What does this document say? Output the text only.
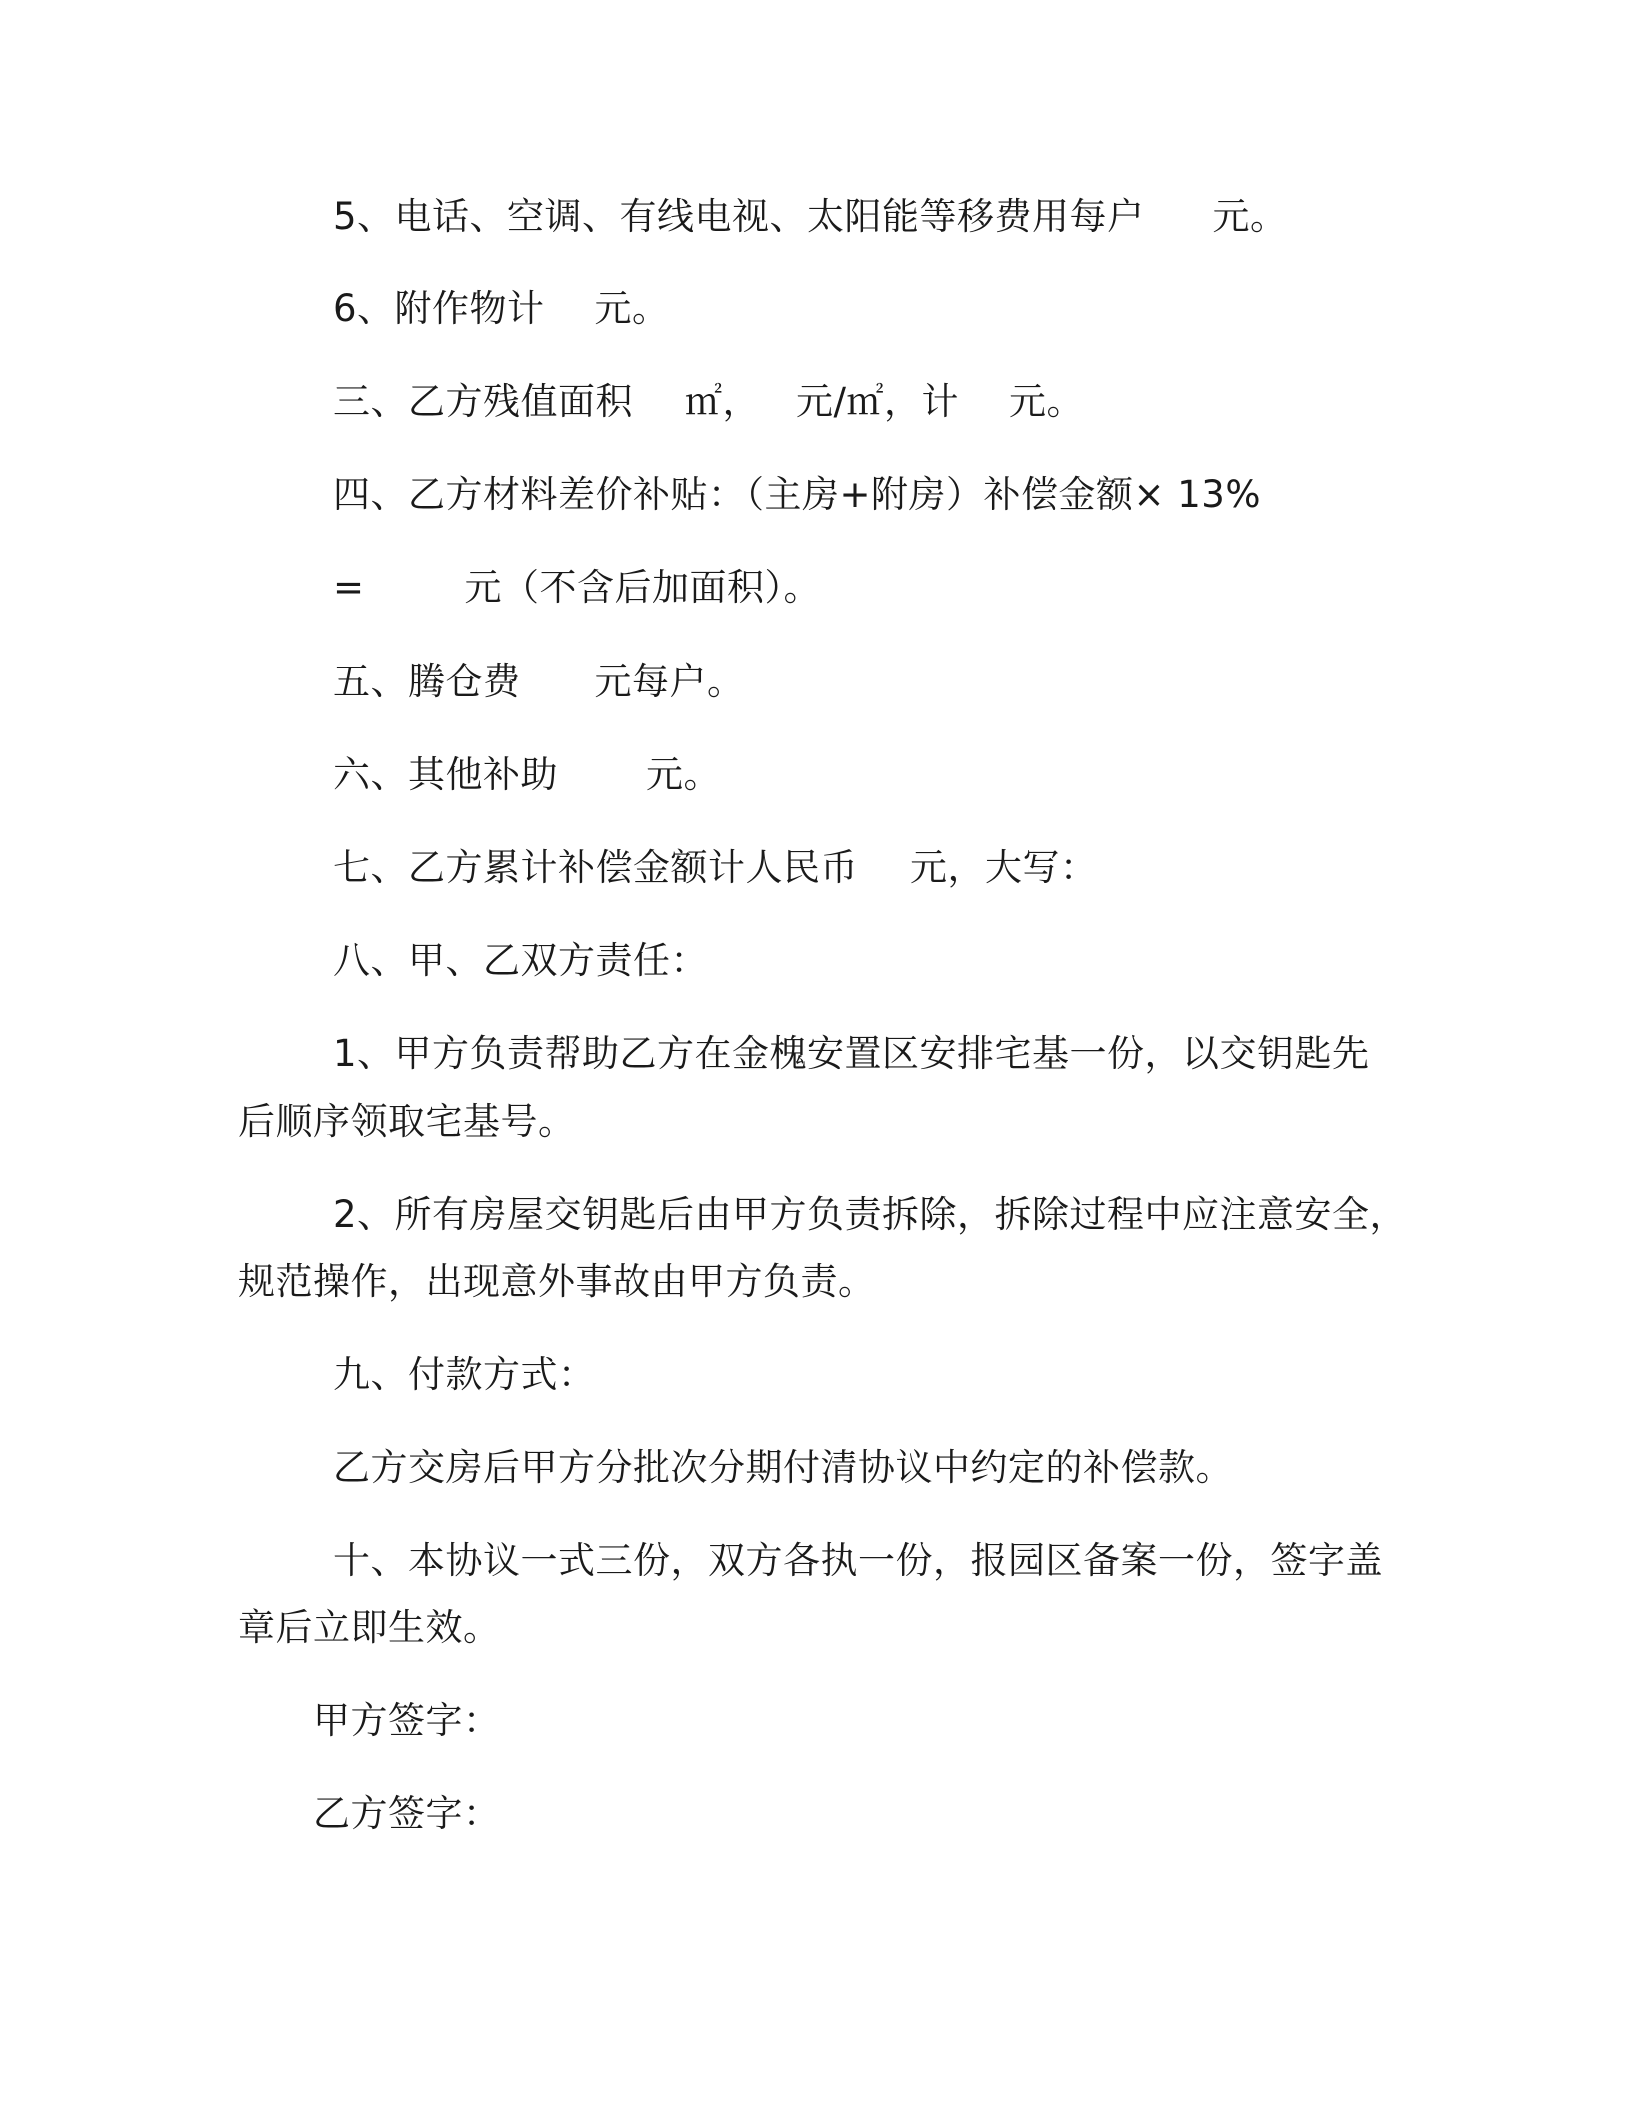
5、电话、空调、有线电视、太阳能等移费用每户 元。
6、附作物计 元。
三、乙方残值面积 ㎡， 元/㎡，计 元。
四、乙方材料差价补贴：（主房+附房）补偿金额× 13%
=	元（不含后加面积）。
五、腾仓费 元每户。
六、其他补助 元。
七、乙方累计补偿金额计人民币 元，大写：
八、甲、乙双方责任：
1、甲方负责帮助乙方在金槐安置区安排宅基一份，以交钥匙先
后顺序领取宅基号。
2、所有房屋交钥匙后由甲方负责拆除，拆除过程中应注意安全，
规范操作，出现意外事故由甲方负责。
九、付款方式：
乙方交房后甲方分批次分期付清协议中约定的补偿款。
十、本协议一式三份，双方各执一份，报园区备案一份，签字盖
章后立即生效。
甲方签字：
乙方签字：
